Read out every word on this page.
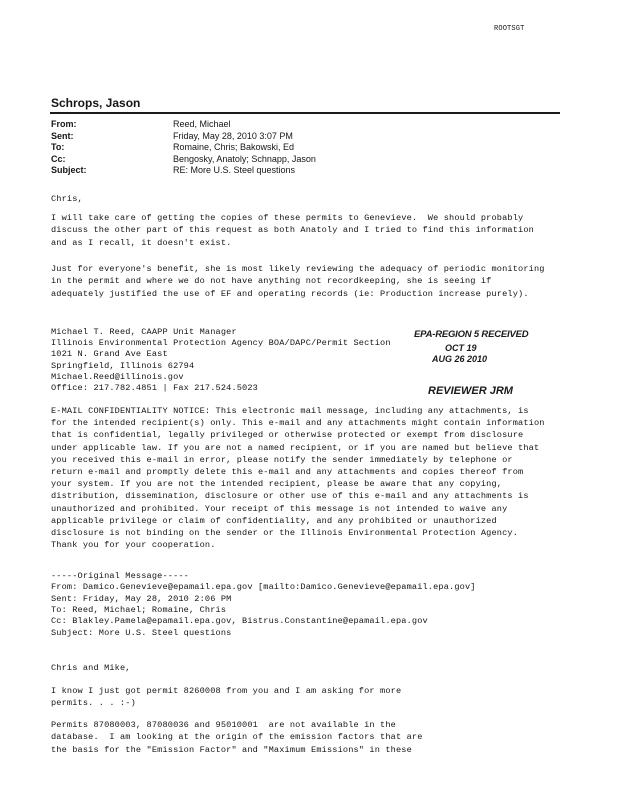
ROOTSGT
Schrops, Jason
From:	Reed, Michael
Sent:	Friday, May 28, 2010 3:07 PM
To:	Romaine, Chris; Bakowski, Ed
Cc:	Bengosky, Anatoly; Schnapp, Jason
Subject:	RE: More U.S. Steel questions
Chris,
I will take care of getting the copies of these permits to Genevieve.  We should probably
discuss the other part of this request as both Anatoly and I tried to find this information
and as I recall, it doesn't exist.
Just for everyone's benefit, she is most likely reviewing the adequacy of periodic monitoring
in the permit and where we do not have anything not recordkeeping, she is seeing if
adequately justified the use of EF and operating records (ie: Production increase purely).
Michael T. Reed, CAAPP Unit Manager
Illinois Environmental Protection Agency BOA/DAPC/Permit Section
1021 N. Grand Ave East
Springfield, Illinois 62794
Michael.Reed@illinois.gov
Office: 217.782.4851 | Fax 217.524.5023
EPA-REGION 5 RECEIVED
OCT 19
AUG 26 2010
REVIEWER JRM
E-MAIL CONFIDENTIALITY NOTICE: This electronic mail message, including any attachments, is
for the intended recipient(s) only. This e-mail and any attachments might contain information
that is confidential, legally privileged or otherwise protected or exempt from disclosure
under applicable law. If you are not a named recipient, or if you are named but believe that
you received this e-mail in error, please notify the sender immediately by telephone or
return e-mail and promptly delete this e-mail and any attachments and copies thereof from
your system. If you are not the intended recipient, please be aware that any copying,
distribution, dissemination, disclosure or other use of this e-mail and any attachments is
unauthorized and prohibited. Your receipt of this message is not intended to waive any
applicable privilege or claim of confidentiality, and any prohibited or unauthorized
disclosure is not binding on the sender or the Illinois Environmental Protection Agency.
Thank you for your cooperation.
-----Original Message-----
From: Damico.Genevieve@epamail.epa.gov [mailto:Damico.Genevieve@epamail.epa.gov]
Sent: Friday, May 28, 2010 2:06 PM
To: Reed, Michael; Romaine, Chris
Cc: Blakley.Pamela@epamail.epa.gov, Bistrus.Constantine@epamail.epa.gov
Subject: More U.S. Steel questions
Chris and Mike,
I know I just got permit 8260008 from you and I am asking for more
permits. . . :-)
Permits 87080003, 87080036 and 95010001  are not available in the
database.  I am looking at the origin of the emission factors that are
the basis for the "Emission Factor" and "Maximum Emissions" in these
